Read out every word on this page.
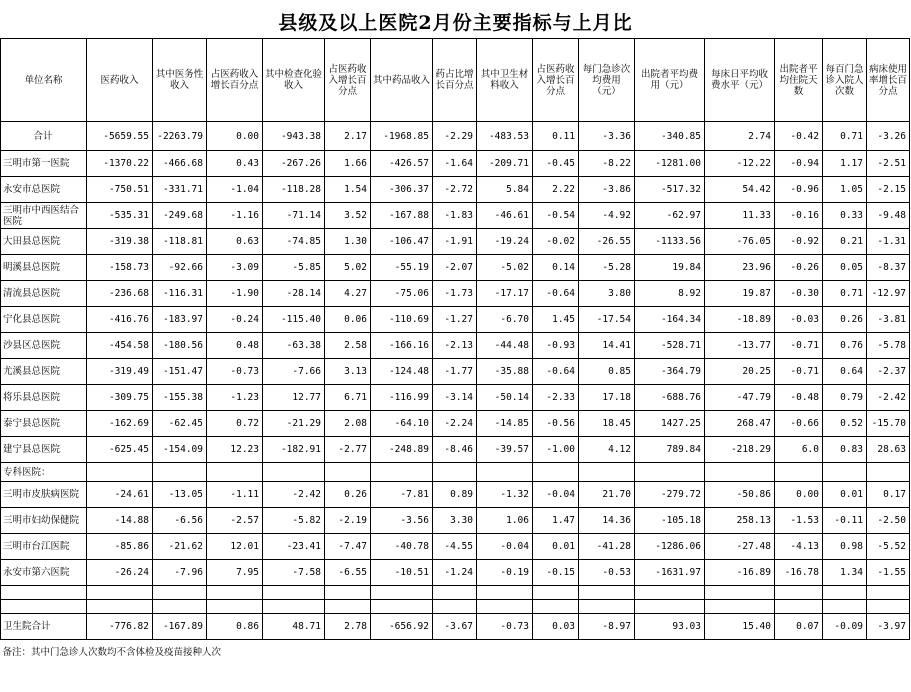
县级及以上医院2月份主要指标与上月比
单位名称	医药收入	其中医务性收入	占医药收入增长百分点	其中检查化验收入	占医药收入增长百分点	其中药品收入	药占比增长百分点	其中卫生材料收入	占医药收入增长百分点	每门急诊次均费用（元）	出院者平均费用（元）	每床日平均收费水平（元）	出院者平均住院天数	每百门急诊入院人次数	病床使用率增长百分点
合计	-5659.55	-2263.79	0.00	-943.38	2.17	-1968.85	-2.29	-483.53	0.11	-3.36	-340.85	2.74	-0.42	0.71	-3.26
三明市第一医院	-1370.22	-466.68	0.43	-267.26	1.66	-426.57	-1.64	-209.71	-0.45	-8.22	-1281.00	-12.22	-0.94	1.17	-2.51
永安市总医院	-750.51	-331.71	-1.04	-118.28	1.54	-306.37	-2.72	5.84	2.22	-3.86	-517.32	54.42	-0.96	1.05	-2.15
三明市中西医结合医院	-535.31	-249.68	-1.16	-71.14	3.52	-167.88	-1.83	-46.61	-0.54	-4.92	-62.97	11.33	-0.16	0.33	-9.48
大田县总医院	-319.38	-118.81	0.63	-74.85	1.30	-106.47	-1.91	-19.24	-0.02	-26.55	-1133.56	-76.05	-0.92	0.21	-1.31
明溪县总医院	-158.73	-92.66	-3.09	-5.85	5.02	-55.19	-2.07	-5.02	0.14	-5.28	19.84	23.96	-0.26	0.05	-8.37
清流县总医院	-236.68	-116.31	-1.90	-28.14	4.27	-75.06	-1.73	-17.17	-0.64	3.80	8.92	19.87	-0.30	0.71	-12.97
宁化县总医院	-416.76	-183.97	-0.24	-115.40	0.06	-110.69	-1.27	-6.70	1.45	-17.54	-164.34	-18.89	-0.03	0.26	-3.81
沙县区总医院	-454.58	-180.56	0.48	-63.38	2.58	-166.16	-2.13	-44.48	-0.93	14.41	-528.71	-13.77	-0.71	0.76	-5.78
尤溪县总医院	-319.49	-151.47	-0.73	-7.66	3.13	-124.48	-1.77	-35.88	-0.64	0.85	-364.79	20.25	-0.71	0.64	-2.37
将乐县总医院	-309.75	-155.38	-1.23	12.77	6.71	-116.99	-3.14	-50.14	-2.33	17.18	-688.76	-47.79	-0.48	0.79	-2.42
泰宁县总医院	-162.69	-62.45	0.72	-21.29	2.08	-64.10	-2.24	-14.85	-0.56	18.45	1427.25	268.47	-0.66	0.52	-15.70
建宁县总医院	-625.45	-154.09	12.23	-182.91	-2.77	-248.89	-8.46	-39.57	-1.00	4.12	789.84	-218.29	6.0	0.83	28.63
专科医院：															
三明市皮肤病医院	-24.61	-13.05	-1.11	-2.42	0.26	-7.81	0.89	-1.32	-0.04	21.70	-279.72	-50.86	0.00	0.01	0.17
三明市妇幼保健院	-14.88	-6.56	-2.57	-5.82	-2.19	-3.56	3.30	1.06	1.47	14.36	-105.18	258.13	-1.53	-0.11	-2.50
三明市台江医院	-85.86	-21.62	12.01	-23.41	-7.47	-40.78	-4.55	-0.04	0.01	-41.28	-1286.06	-27.48	-4.13	0.98	-5.52
永安市第六医院	-26.24	-7.96	7.95	-7.58	-6.55	-10.51	-1.24	-0.19	-0.15	-0.53	-1631.97	-16.89	-16.78	1.34	-1.55

卫生院合计	-776.82	-167.89	0.86	48.71	2.78	-656.92	-3.67	-0.73	0.03	-8.97	93.03	15.40	0.07	-0.09	-3.97
备注：其中门急诊人次数均不含体检及疫苗接种人次															
